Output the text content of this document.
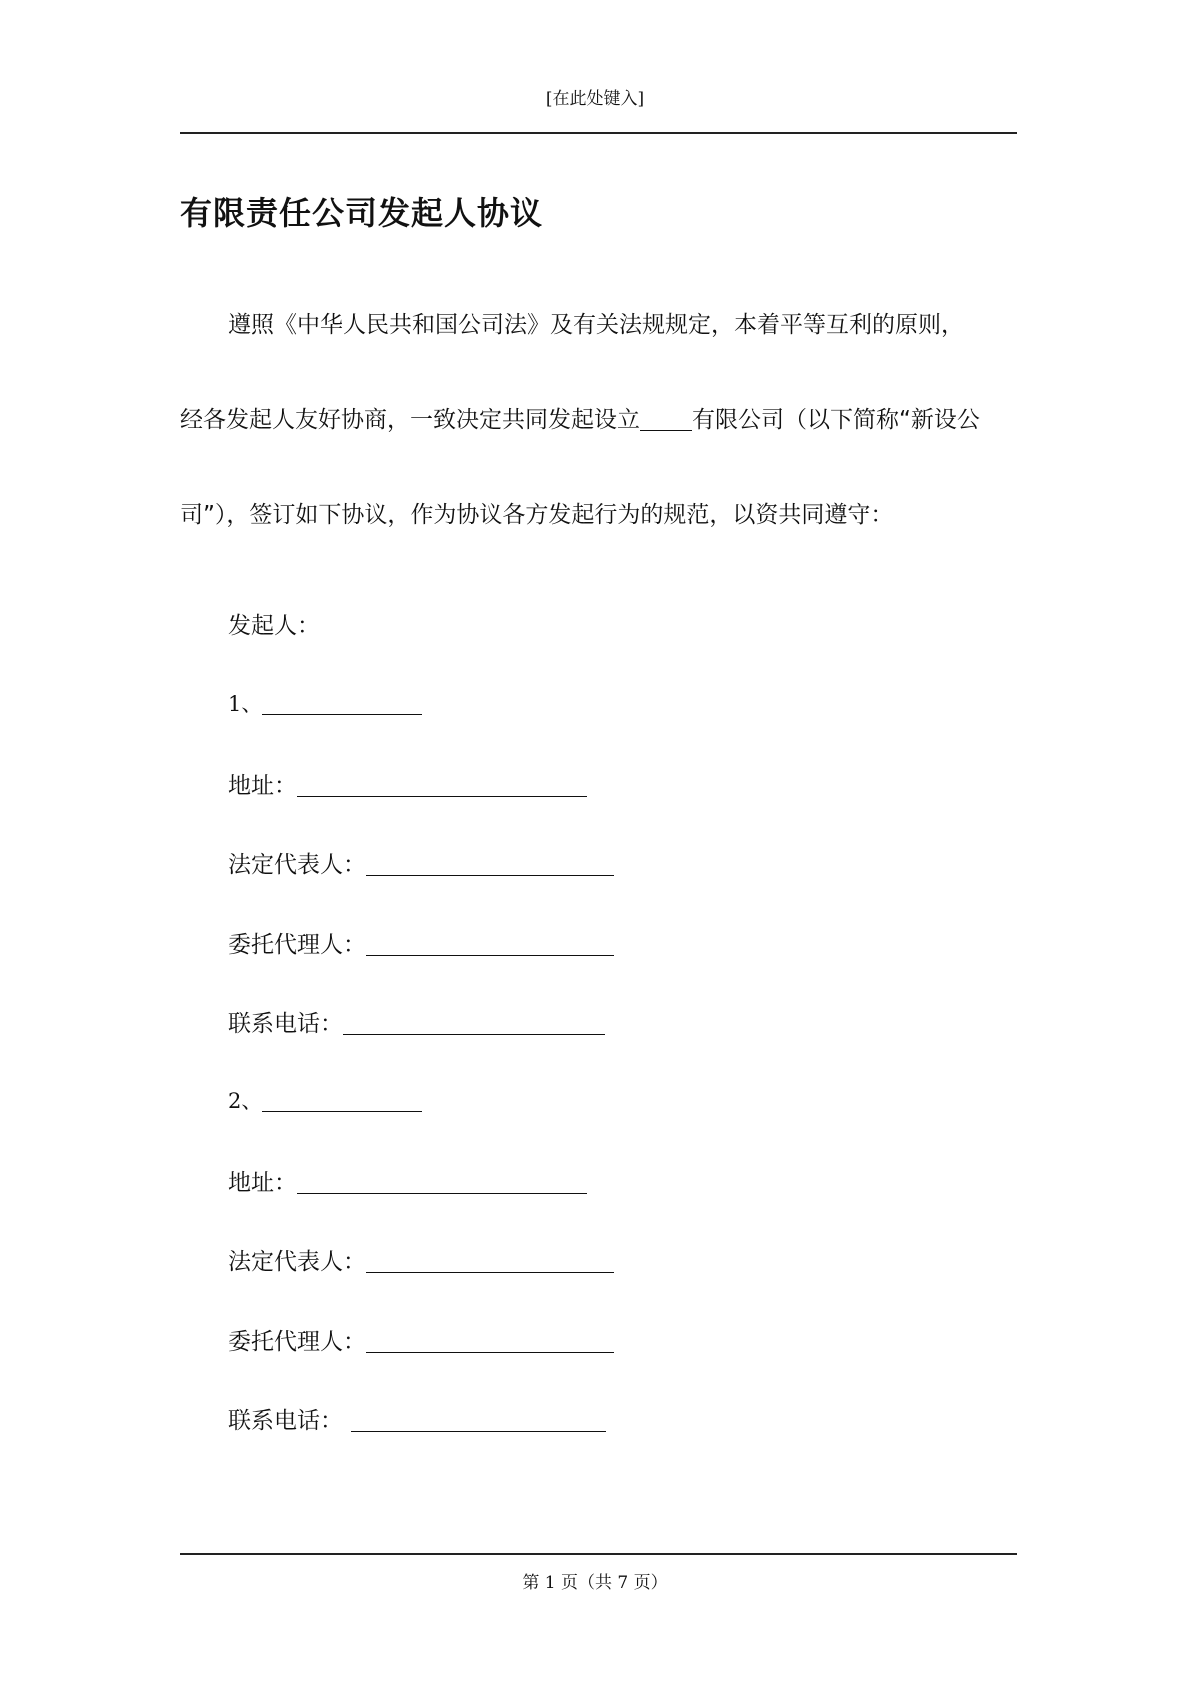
[在此处键入]
有限责任公司发起人协议
遵照《中华人民共和国公司法》及有关法规规定，本着平等互利的原则，
经各发起人友好协商，一致决定共同发起设立 有限公司（以下简称“新设公
司”），签订如下协议，作为协议各方发起行为的规范，以资共同遵守：
发起人：
1、
地址：
法定代表人：
委托代理人：
联系电话：
2、
地址：
法定代表人：
委托代理人：
联系电话：
第 1 页（共 7 页）
